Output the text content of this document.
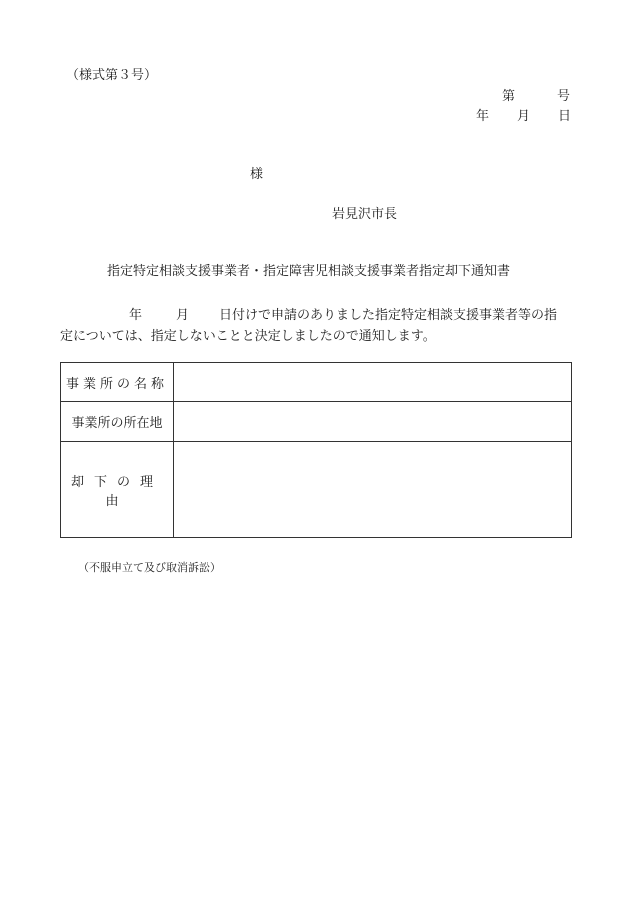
（様式第３号）
第	号
年 月 日
様
岩見沢市長
指定特定相談支援事業者・指定障害児相談支援事業者指定却下通知書
年	月 日付けで申請のありました指定特定相談支援事業者等の指
定については、指定しないことと決定しましたので通知します。
事業所の名称	
事業所の所在地	
却下の理由	
（不服申立て及び取消訴訟）
